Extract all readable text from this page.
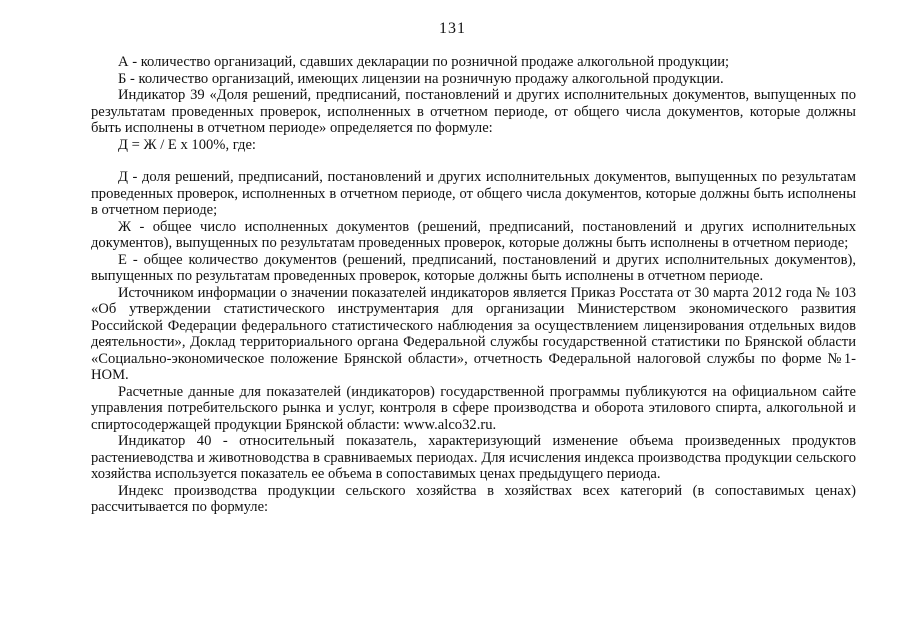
131

А - количество организаций, сдавших декларации по розничной продаже алкогольной продукции;

Б - количество организаций, имеющих лицензии на розничную продажу алкогольной продукции.

Индикатор 39 «Доля решений, предписаний, постановлений и других исполнительных документов, выпущенных по результатам проведенных проверок, исполненных в отчетном периоде, от общего числа документов, которые должны быть исполнены в отчетном периоде» определяется по формуле:

Д = Ж / Е х 100%, где:

Д - доля решений, предписаний, постановлений и других исполнительных документов, выпущенных по результатам проведенных проверок, исполненных в отчетном периоде, от общего числа документов, которые должны быть исполнены в отчетном периоде;

Ж - общее число исполненных документов (решений, предписаний, постановлений и других исполнительных документов), выпущенных по результатам проведенных проверок, которые должны быть исполнены в отчетном периоде;

Е - общее количество документов (решений, предписаний, постановлений и других исполнительных документов), выпущенных по результатам проведенных проверок, которые должны быть исполнены в отчетном периоде.

Источником информации о значении показателей индикаторов является Приказ Росстата от 30 марта 2012 года № 103 «Об утверждении статистического инструментария для организации Министерством экономического развития Российской Федерации федерального статистического наблюдения за осуществлением лицензирования отдельных видов деятельности», Доклад территориального органа Федеральной службы государственной статистики по Брянской области «Социально-экономическое положение Брянской области», отчетность Федеральной налоговой службы по форме №1-НОМ.

Расчетные данные для показателей (индикаторов) государственной программы публикуются на официальном сайте управления потребительского рынка и услуг, контроля в сфере производства и оборота этилового спирта, алкогольной и спиртосодержащей продукции Брянской области: www.alco32.ru.

Индикатор 40 - относительный показатель, характеризующий изменение объема произведенных продуктов растениеводства и животноводства в сравниваемых периодах. Для исчисления индекса производства продукции сельского хозяйства используется показатель ее объема в сопоставимых ценах предыдущего периода.

Индекс производства продукции сельского хозяйства в хозяйствах всех категорий (в сопоставимых ценах) рассчитывается по формуле:
